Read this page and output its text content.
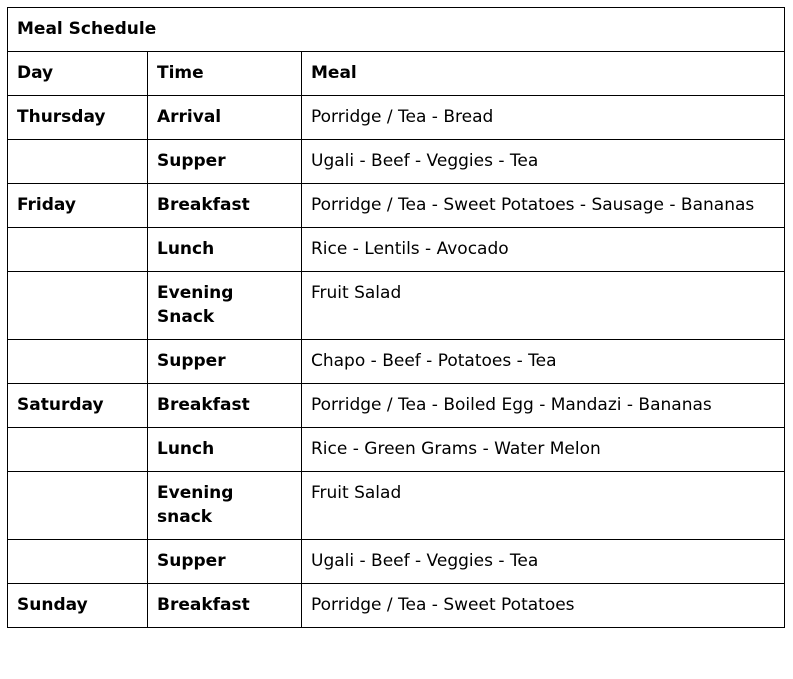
Meal Schedule		
Day	Time	Meal
Thursday	Arrival	Porridge / Tea - Bread
	Supper	Ugali - Beef - Veggies - Tea
Friday	Breakfast	Porridge / Tea - Sweet Potatoes - Sausage - Bananas
	Lunch	Rice - Lentils - Avocado
	Evening Snack	Fruit Salad
	Supper	Chapo - Beef - Potatoes - Tea
Saturday	Breakfast	Porridge / Tea - Boiled Egg - Mandazi - Bananas
	Lunch	Rice - Green Grams - Water Melon
	Evening snack	Fruit Salad
	Supper	Ugali - Beef - Veggies - Tea
Sunday	Breakfast	Porridge / Tea - Sweet Potatoes
